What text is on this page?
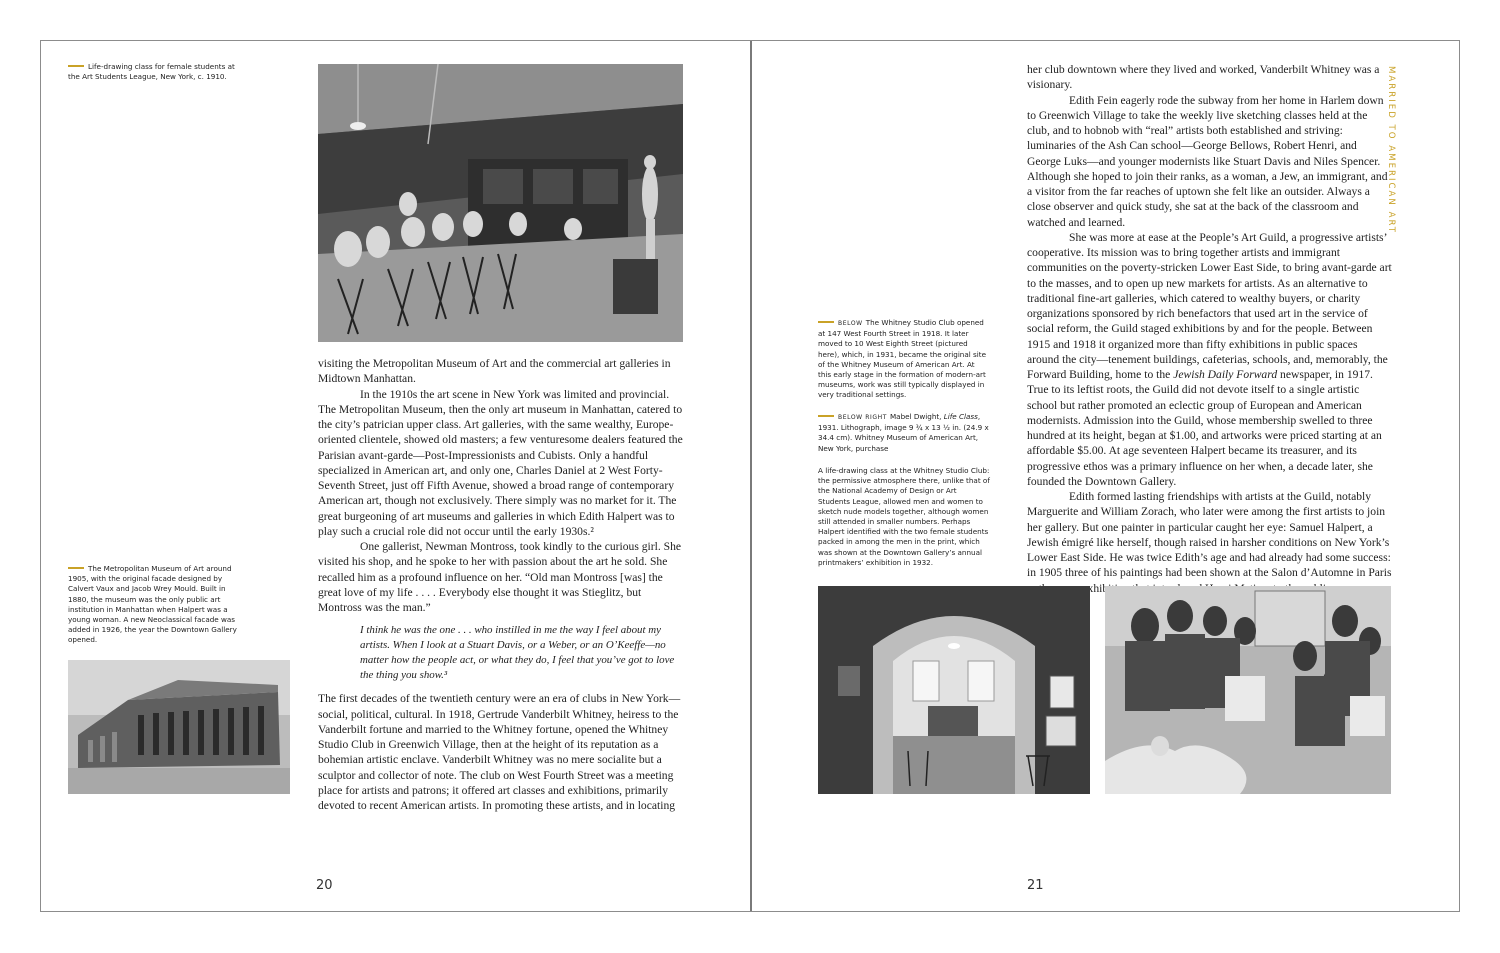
Life-drawing class for female students at the Art Students League, New York, c. 1910.
The Metropolitan Museum of Art around 1905, with the original facade designed by Calvert Vaux and Jacob Wrey Mould. Built in 1880, the museum was the only public art institution in Manhattan when Halpert was a young woman. A new Neoclassical facade was added in 1926, the year the Downtown Gallery opened.

visiting the Metropolitan Museum of Art and the commercial art galleries in Midtown Manhattan.

In the 1910s the art scene in New York was limited and provincial. The Metropolitan Museum, then the only art museum in Manhattan, catered to the city’s patrician upper class. Art galleries, with the same wealthy, Europe-oriented clientele, showed old masters; a few venturesome dealers featured the Parisian avant-garde—Post-Impressionists and Cubists. Only a handful specialized in American art, and only one, Charles Daniel at 2 West Forty-Seventh Street, just off Fifth Avenue, showed a broad range of contemporary American art, though not exclusively. There simply was no market for it. The great burgeoning of art museums and galleries in which Edith Halpert was to play such a crucial role did not occur until the early 1930s.²

One gallerist, Newman Montross, took kindly to the curious girl. She visited his shop, and he spoke to her with passion about the art he sold. She recalled him as a profound influence on her. “Old man Montross [was] the great love of my life . . . . Everybody else thought it was Stieglitz, but Montross was the man.”

I think he was the one . . . who instilled in me the way I feel about my artists. When I look at a Stuart Davis, or a Weber, or an O’Keeffe—no matter how the people act, or what they do, I feel that you’ve got to love the thing you show.³

The first decades of the twentieth century were an era of clubs in New York—social, political, cultural. In 1918, Gertrude Vanderbilt Whitney, heiress to the Vanderbilt fortune and married to the Whitney fortune, opened the Whitney Studio Club in Greenwich Village, then at the height of its reputation as a bohemian artistic enclave. Vanderbilt Whitney was no mere socialite but a sculptor and collector of note. The club on West Fourth Street was a meeting place for artists and patrons; it offered art classes and exhibitions, primarily devoted to recent American artists. In promoting these artists, and in locating

20
MARRIED TO AMERICAN ART

her club downtown where they lived and worked, Vanderbilt Whitney was a visionary.

Edith Fein eagerly rode the subway from her home in Harlem down to Greenwich Village to take the weekly live sketching classes held at the club, and to hobnob with “real” artists both established and striving: luminaries of the Ash Can school—George Bellows, Robert Henri, and George Luks—and younger modernists like Stuart Davis and Niles Spencer. Although she hoped to join their ranks, as a woman, a Jew, an immigrant, and a visitor from the far reaches of uptown she felt like an outsider. Always a close observer and quick study, she sat at the back of the classroom and watched and learned.

She was more at ease at the People’s Art Guild, a progressive artists’ cooperative. Its mission was to bring together artists and immigrant communities on the poverty-stricken Lower East Side, to bring avant-garde art to the masses, and to open up new markets for artists. As an alternative to traditional fine-art galleries, which catered to wealthy buyers, or charity organizations sponsored by rich benefactors that used art in the service of social reform, the Guild staged exhibitions by and for the people. Between 1915 and 1918 it organized more than fifty exhibitions in public spaces around the city—tenement buildings, cafeterias, schools, and, memorably, the Forward Building, home to the Jewish Daily Forward newspaper, in 1917. True to its leftist roots, the Guild did not devote itself to a single artistic school but rather promoted an eclectic group of European and American modernists. Admission into the Guild, whose membership swelled to three hundred at its height, began at $1.00, and artworks were priced starting at an affordable $5.00. At age seventeen Halpert became its treasurer, and its progressive ethos was a primary influence on her when, a decade later, she founded the Downtown Gallery.

Edith formed lasting friendships with artists at the Guild, notably Marguerite and William Zorach, who later were among the first artists to join her gallery. But one painter in particular caught her eye: Samuel Halpert, a Jewish émigré like herself, though raised in harsher conditions on New York’s Lower East Side. He was twice Edith’s age and had already had some success: in 1905 three of his paintings had been shown at the Salon d’Automne in Paris

BELOW The Whitney Studio Club opened at 147 West Fourth Street in 1918. It later moved to 10 West Eighth Street (pictured here), which, in 1931, became the original site of the Whitney Museum of American Art. At this early stage in the formation of modern-art museums, work was still typically displayed in very traditional settings.
BELOW RIGHT Mabel Dwight, Life Class, 1931. Lithograph, image 9 ¾ x 13 ½ in. (24.9 x 34.4 cm). Whitney Museum of American Art, New York, purchase
A life-drawing class at the Whitney Studio Club: the permissive atmosphere there, unlike that of the National Academy of Design or Art Students League, allowed men and women to sketch nude models together, although women still attended in smaller numbers. Perhaps Halpert identified with the two female students packed in among the men in the print, which was shown at the Downtown Gallery’s annual printmakers’ exhibition in 1932.
21
